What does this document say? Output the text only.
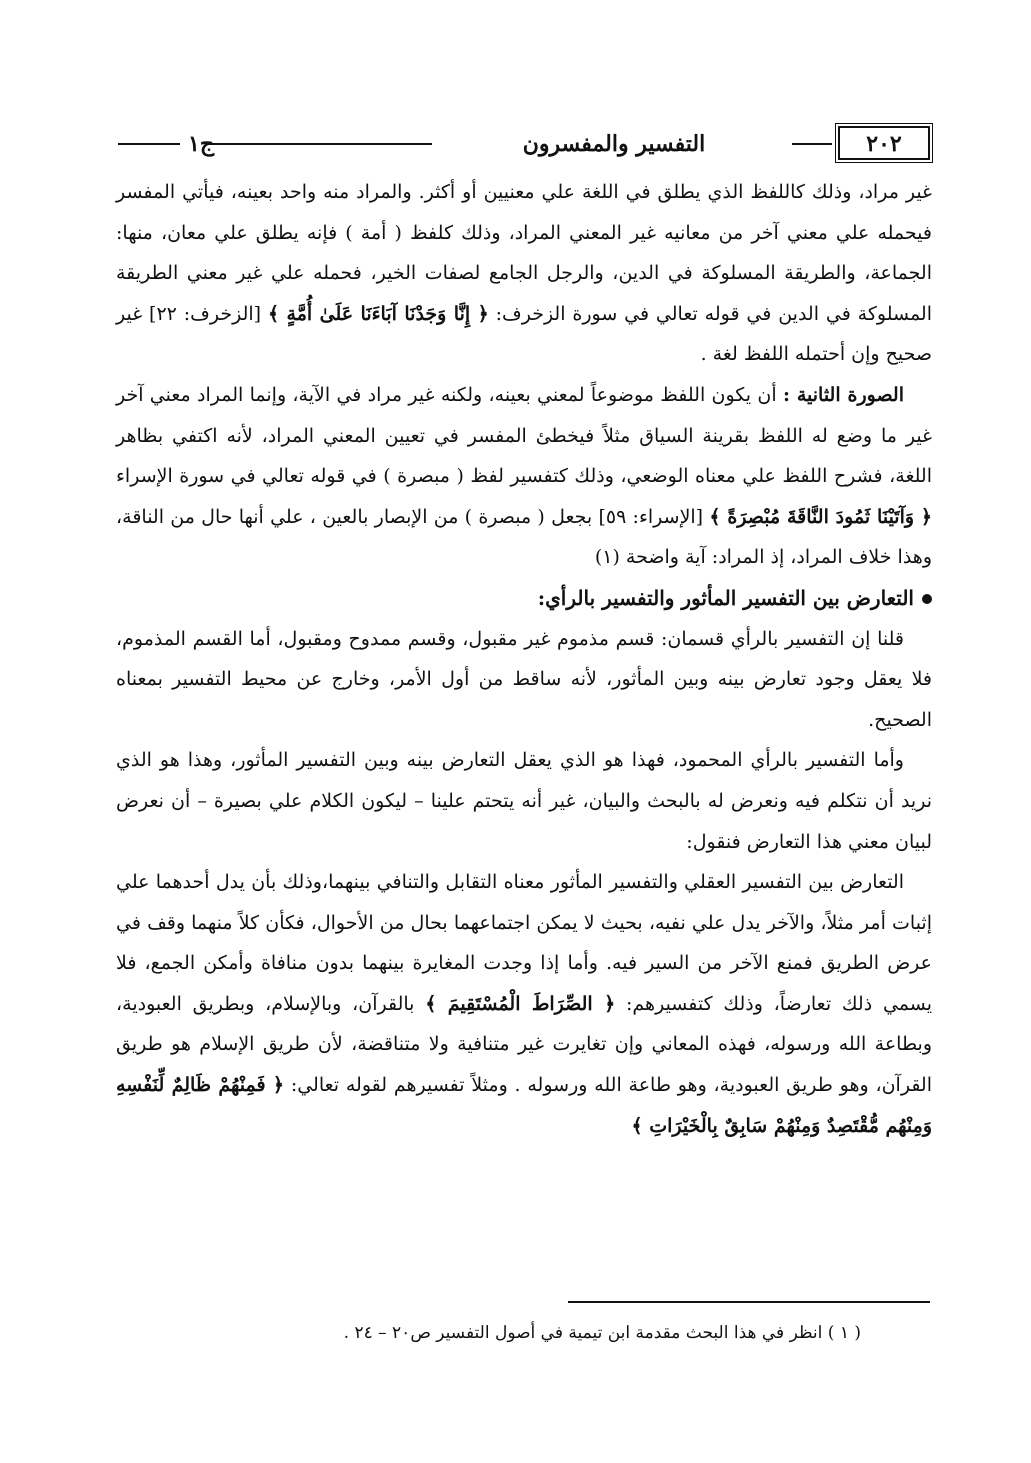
٢٠٢
التفسير والمفسرون
ج١

غير مراد، وذلك كاللفظ الذي يطلق في اللغة علي معنيين أو أكثر. والمراد منه واحد بعينه، فيأتي المفسر فيحمله علي معني آخر من معانيه غير المعني المراد، وذلك كلفظ ( أمة ) فإنه يطلق علي معان، منها: الجماعة، والطريقة المسلوكة في الدين، والرجل الجامع لصفات الخير، فحمله علي غير معني الطريقة المسلوكة في الدين في قوله تعالي في سورة الزخرف: ﴿ إِنَّا وَجَدْنَا آبَاءَنَا عَلَىٰ أُمَّةٍ ﴾ [الزخرف: ٢٢] غير صحيح وإن أحتمله اللفظ لغة .

الصورة الثانية : أن يكون اللفظ موضوعاً لمعني بعينه، ولكنه غير مراد في الآية، وإنما المراد معني آخر غير ما وضع له اللفظ بقرينة السياق مثلاً فيخطئ المفسر في تعيين المعني المراد، لأنه اكتفي بظاهر اللغة، فشرح اللفظ علي معناه الوضعي، وذلك كتفسير لفظ ( مبصرة ) في قوله تعالي في سورة الإسراء ﴿ وَآتَيْنَا ثَمُودَ النَّاقَةَ مُبْصِرَةً ﴾ [الإسراء: ٥٩] بجعل ( مبصرة ) من الإبصار بالعين ، علي أنها حال من الناقة، وهذا خلاف المراد، إذ المراد: آية واضحة (١)

التعارض بين التفسير المأثور والتفسير بالرأي:

قلنا إن التفسير بالرأي قسمان: قسم مذموم غير مقبول، وقسم ممدوح ومقبول، أما القسم المذموم، فلا يعقل وجود تعارض بينه وبين المأثور، لأنه ساقط من أول الأمر، وخارج عن محيط التفسير بمعناه الصحيح.

وأما التفسير بالرأي المحمود، فهذا هو الذي يعقل التعارض بينه وبين التفسير المأثور، وهذا هو الذي نريد أن نتكلم فيه ونعرض له بالبحث والبيان، غير أنه يتحتم علينا – ليكون الكلام علي بصيرة – أن نعرض لبيان معني هذا التعارض فنقول:

التعارض بين التفسير العقلي والتفسير المأثور معناه التقابل والتنافي بينهما،وذلك بأن يدل أحدهما علي إثبات أمر مثلاً، والآخر يدل علي نفيه، بحيث لا يمكن اجتماعهما بحال من الأحوال، فكأن كلاً منهما وقف في عرض الطريق فمنع الآخر من السير فيه. وأما إذا وجدت المغايرة بينهما بدون منافاة وأمكن الجمع، فلا يسمي ذلك تعارضاً، وذلك كتفسيرهم: ﴿ الصِّرَاطَ الْمُسْتَقِيمَ ﴾ بالقرآن، وبالإسلام، وبطريق العبودية، وبطاعة الله ورسوله، فهذه المعاني وإن تغايرت غير متنافية ولا متناقضة، لأن طريق الإسلام هو طريق القرآن، وهو طريق العبودية، وهو طاعة الله ورسوله . ومثلاً تفسيرهم لقوله تعالي: ﴿ فَمِنْهُمْ ظَالِمٌ لِّنَفْسِهِ وَمِنْهُم مُّقْتَصِدٌ وَمِنْهُمْ سَابِقٌ بِالْخَيْرَاتِ ﴾

( ١ ) انظر في هذا البحث مقدمة ابن تيمية في أصول التفسير ص٢٠ – ٢٤ .
